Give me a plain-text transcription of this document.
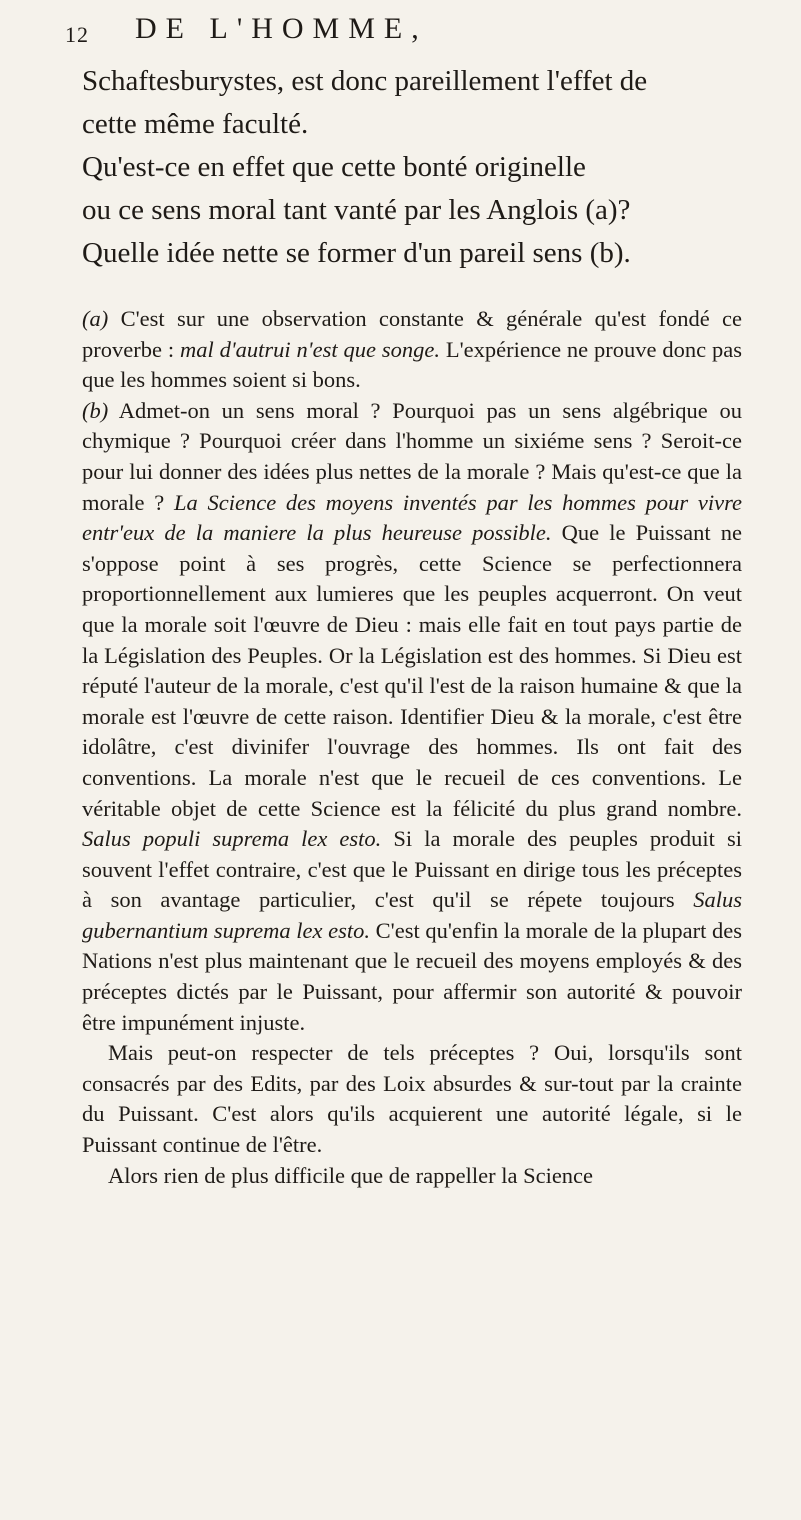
12 DE L'HOMME,

Schaftesburystes, est donc pareillement l'effet de

cette même faculté.

Qu'est-ce en effet que cette bonté originelle

ou ce sens moral tant vanté par les Anglois (a)?

Quelle idée nette se former d'un pareil sens (b).

(a) C'est sur une observation constante & générale qu'est fondé ce proverbe : mal d'autrui n'est que songe. L'expérience ne prouve donc pas que les hommes soient si bons.

(b) Admet-on un sens moral ? Pourquoi pas un sens algébrique ou chymique ? Pourquoi créer dans l'homme un sixiéme sens ? Seroit-ce pour lui donner des idées plus nettes de la morale ? Mais qu'est-ce que la morale ? La Science des moyens inventés par les hommes pour vivre entr'eux de la maniere la plus heureuse possible. Que le Puissant ne s'oppose point à ses progrès, cette Science se perfectionnera proportionnellement aux lumieres que les peuples acquerront. On veut que la morale soit l'œuvre de Dieu : mais elle fait en tout pays partie de la Législation des Peuples. Or la Législation est des hommes. Si Dieu est réputé l'auteur de la morale, c'est qu'il l'est de la raison humaine & que la morale est l'œuvre de cette raison. Identifier Dieu & la morale, c'est être idolâtre, c'est divinifer l'ouvrage des hommes. Ils ont fait des conventions. La morale n'est que le recueil de ces conventions. Le véritable objet de cette Science est la félicité du plus grand nombre. Salus populi suprema lex esto. Si la morale des peuples produit si souvent l'effet contraire, c'est que le Puissant en dirige tous les préceptes à son avantage particulier, c'est qu'il se répete toujours Salus gubernantium suprema lex esto. C'est qu'enfin la morale de la plupart des Nations n'est plus maintenant que le recueil des moyens employés & des préceptes dictés par le Puissant, pour affermir son autorité & pouvoir être impunément injuste.

Mais peut-on respecter de tels préceptes ? Oui, lorsqu'ils sont consacrés par des Edits, par des Loix absurdes & sur-tout par la crainte du Puissant. C'est alors qu'ils acquierent une autorité légale, si le Puissant continue de l'être.

Alors rien de plus difficile que de rappeller la Science
